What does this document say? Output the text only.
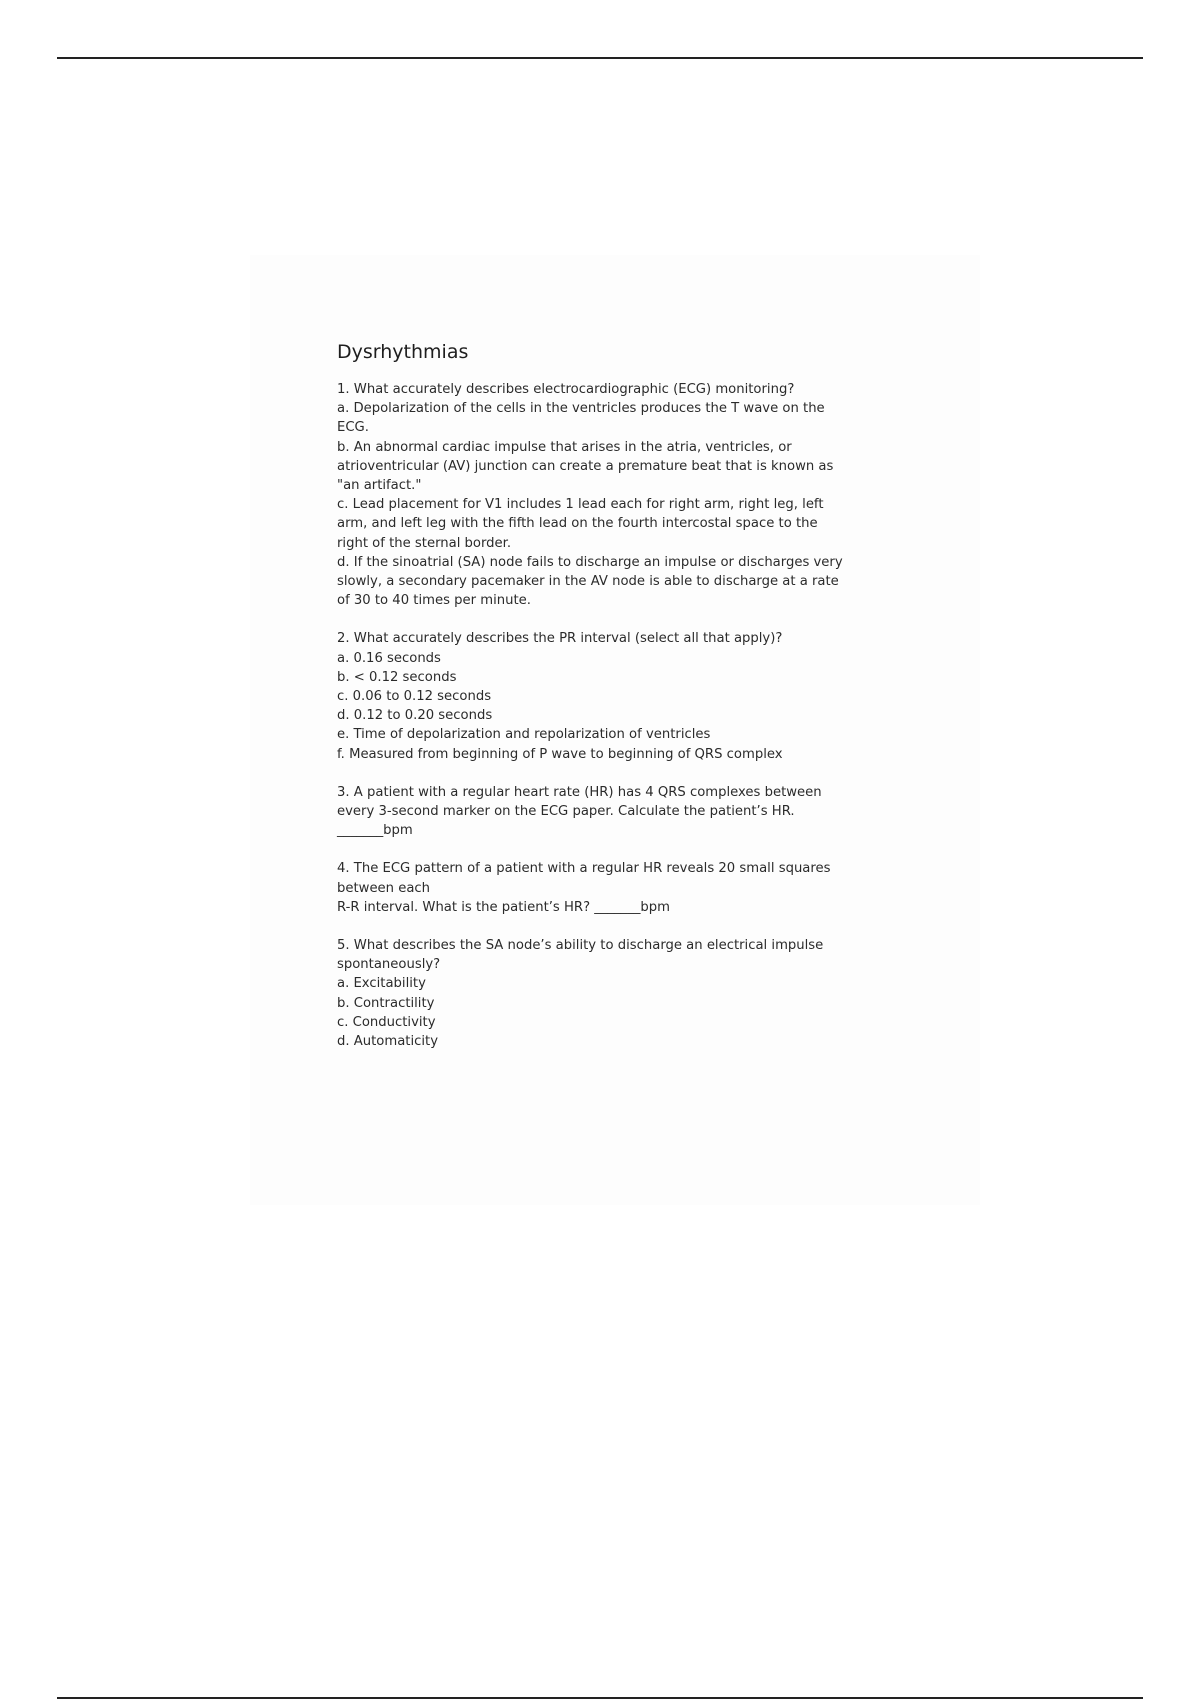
Dysrhythmias
1. What accurately describes electrocardiographic (ECG) monitoring?
a. Depolarization of the cells in the ventricles produces the T wave on the
ECG.
b. An abnormal cardiac impulse that arises in the atria, ventricles, or
atrioventricular (AV) junction can create a premature beat that is known as
"an artifact."
c. Lead placement for V1 includes 1 lead each for right arm, right leg, left
arm, and left leg with the fifth lead on the fourth intercostal space to the
right of the sternal border.
d. If the sinoatrial (SA) node fails to discharge an impulse or discharges very
slowly, a secondary pacemaker in the AV node is able to discharge at a rate
of 30 to 40 times per minute.
2. What accurately describes the PR interval (select all that apply)?
a. 0.16 seconds
b. < 0.12 seconds
c. 0.06 to 0.12 seconds
d. 0.12 to 0.20 seconds
e. Time of depolarization and repolarization of ventricles
f. Measured from beginning of P wave to beginning of QRS complex
3. A patient with a regular heart rate (HR) has 4 QRS complexes between
every 3-second marker on the ECG paper. Calculate the patient’s HR.
_______bpm
4. The ECG pattern of a patient with a regular HR reveals 20 small squares
between each
R-R interval. What is the patient’s HR? _______bpm
5. What describes the SA node’s ability to discharge an electrical impulse
spontaneously?
a. Excitability
b. Contractility
c. Conductivity
d. Automaticity
